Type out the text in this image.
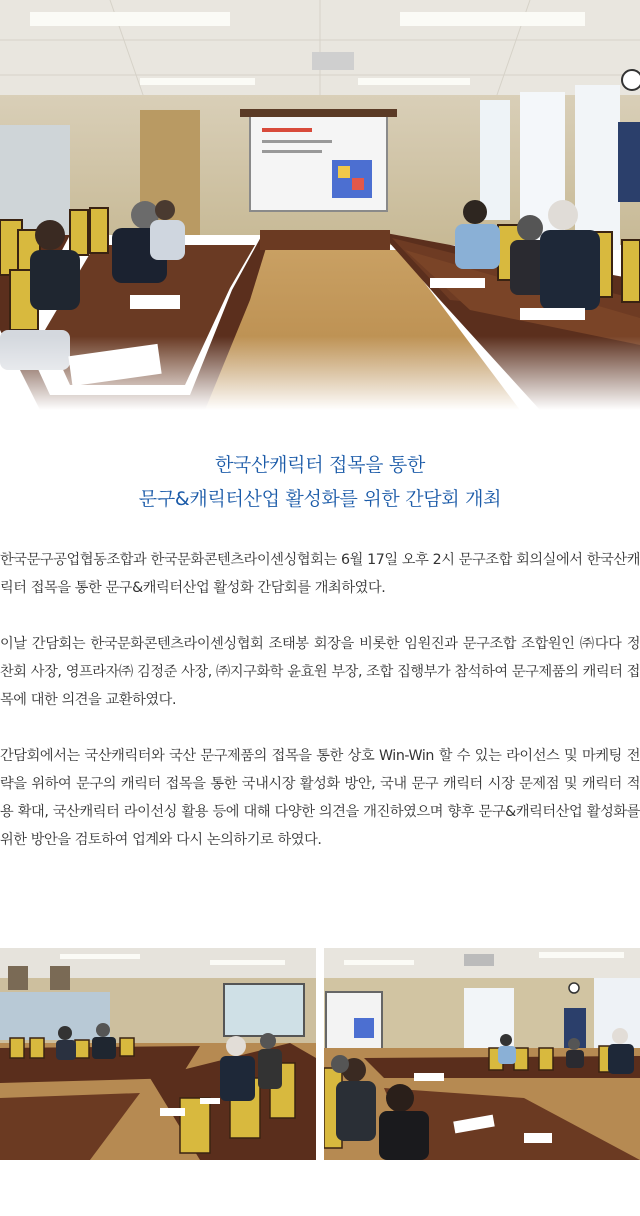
한국산캐릭터 접목을 통한
문구&캐릭터산업 활성화를 위한 간담회 개최

한국문구공업협동조합과 한국문화콘텐츠라이센싱협회는 6월 17일 오후 2시 문구조합 회의실에서 한국산캐릭터 접목을 통한 문구&캐릭터산업 활성화 간담회를 개최하였다.

이날 간담회는 한국문화콘텐츠라이센싱협회 조태봉 회장을 비롯한 임원진과 문구조합 조합원인 ㈜다다 정찬회 사장, 영프라자㈜ 김정준 사장, ㈜지구화학 윤효원 부장, 조합 집행부가 참석하여 문구제품의 캐릭터 접목에 대한 의견을 교환하였다.

간담회에서는 국산캐릭터와 국산 문구제품의 접목을 통한 상호 Win-Win 할 수 있는 라이선스 및 마케팅 전략을 위하여 문구의 캐릭터 접목을 통한 국내시장 활성화 방안, 국내 문구 캐릭터 시장 문제점 및 캐릭터 적용 확대, 국산캐릭터 라이선싱 활용 등에 대해 다양한 의견을 개진하였으며 향후 문구&캐릭터산업 활성화를 위한 방안을 검토하여 업계와 다시 논의하기로 하였다.
